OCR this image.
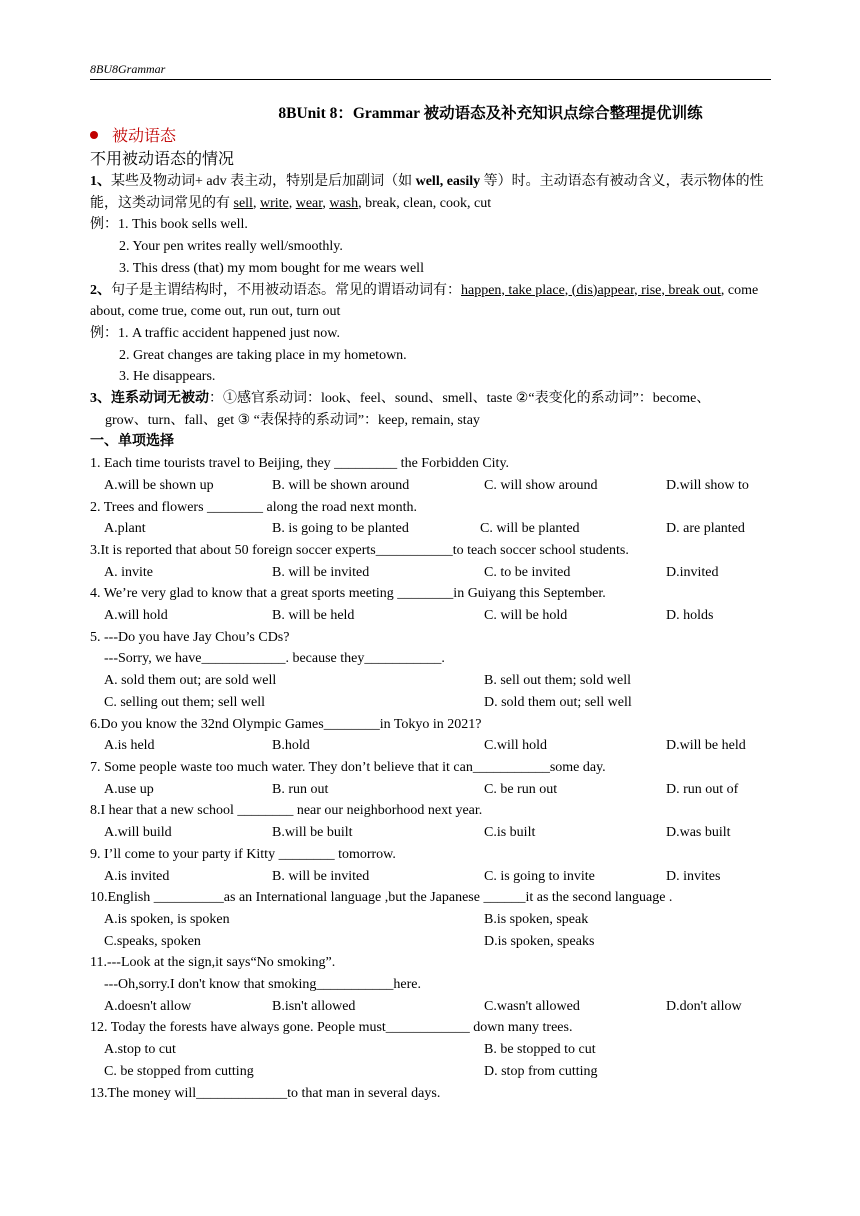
8BU8Grammar
8BUnit 8：Grammar 被动语态及补充知识点综合整理提优训练
被动语态
不用被动语态的情况

1、某些及物动词+ adv 表主动，特别是后加副词（如 well, easily 等）时。主动语态有被动含义，表示物体的性能，这类动词常见的有 sell, write, wear, wash, break, clean, cook, cut

例：1. This book sells well.

2. Your pen writes really well/smoothly.

3. This dress (that) my mom bought for me wears well

2、句子是主谓结构时，不用被动语态。常见的谓语动词有：happen, take place, (dis)appear, rise, break out, come about, come true, come out, run out, turn out

例：1. A traffic accident happened just now.

2. Great changes are taking place in my hometown.

3. He disappears.

3、连系动词无被动：①感官系动词：look、feel、sound、smell、taste ②“表变化的系动词”：become、

grow、turn、fall、get ③ “表保持的系动词”：keep, remain, stay

一、单项选择

1. Each time tourists travel to Beijing, they _________ the Forbidden City.

A.will be shown up	B. will be shown around	C. will show around	D.will show to

2. Trees and flowers ________ along the road next month.

A.plant	B. is going to be planted	C. will be planted	D. are planted

3.It is reported that about 50 foreign soccer experts___________to teach soccer school students.

A. invite	B. will be invited	C. to be invited	D.invited

4. We’re very glad to know that a great sports meeting ________in Guiyang this September.

A.will hold	B. will be held	C. will be hold	D. holds

5. ---Do you have Jay Chou’s CDs?

---Sorry, we have____________. because they___________.

A. sold them out; are sold well	B. sell out them; sold well
C. selling out them; sell well	D. sold them out; sell well

6.Do you know the 32nd Olympic Games________in Tokyo in 2021?

A.is held	B.hold	C.will hold	D.will be held

7. Some people waste too much water. They don’t believe that it can___________some day.

A.use up	B. run out	C. be run out	D. run out of

8.I hear that a new school ________ near our neighborhood next year.

A.will build	B.will be built	C.is built	D.was built

9. I’ll come to your party if Kitty ________ tomorrow.

A.is invited	B. will be invited	C. is going to invite	D. invites

10.English __________as an International language ,but the Japanese ______it as the second language .

A.is spoken, is spoken	B.is spoken, speak
C.speaks, spoken	D.is spoken, speaks

11.---Look at the sign,it says“No smoking”.

---Oh,sorry.I don't know that smoking___________here.

A.doesn't allow	B.isn't allowed	C.wasn't allowed	D.don't allow

12. Today the forests have always gone. People must____________ down many trees.

A.stop to cut	B. be stopped to cut
C. be stopped from cutting	D. stop from cutting

13.The money will_____________to that man in several days.
